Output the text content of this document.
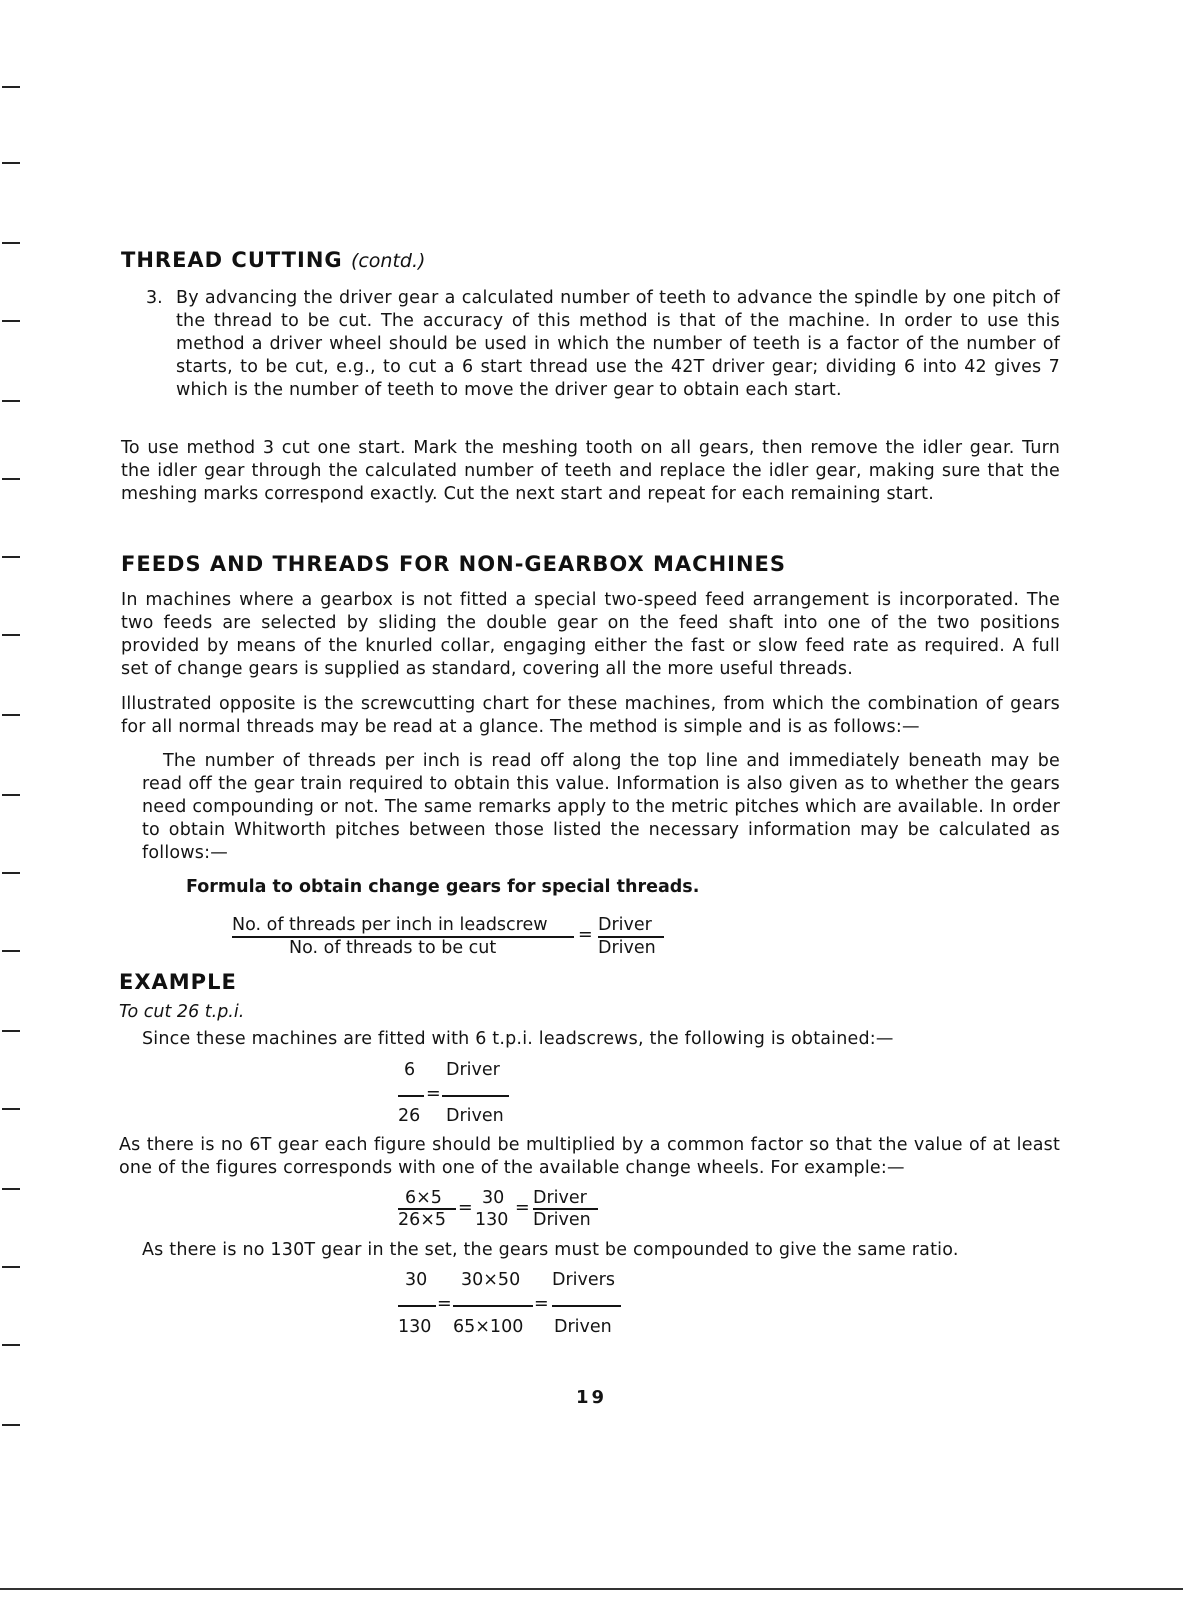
THREAD CUTTING (contd.)
3. By advancing the driver gear a calculated number of teeth to advance the spindle by one pitch of the thread to be cut. The accuracy of this method is that of the machine. In order to use this method a driver wheel should be used in which the number of teeth is a factor of the number of starts, to be cut, e.g., to cut a 6 start thread use the 42T driver gear; dividing 6 into 42 gives 7 which is the number of teeth to move the driver gear to obtain each start.

To use method 3 cut one start. Mark the meshing tooth on all gears, then remove the idler gear. Turn the idler gear through the calculated number of teeth and replace the idler gear, making sure that the meshing marks correspond exactly. Cut the next start and repeat for each remaining start.

FEEDS AND THREADS FOR NON-GEARBOX MACHINES

In machines where a gearbox is not fitted a special two-speed feed arrangement is incorporated. The two feeds are selected by sliding the double gear on the feed shaft into one of the two positions provided by means of the knurled collar, engaging either the fast or slow feed rate as required. A full set of change gears is supplied as standard, covering all the more useful threads.

Illustrated opposite is the screwcutting chart for these machines, from which the combination of gears for all normal threads may be read at a glance. The method is simple and is as follows:—

The number of threads per inch is read off along the top line and immediately beneath may be read off the gear train required to obtain this value. Information is also given as to whether the gears need compounding or not. The same remarks apply to the metric pitches which are available. In order to obtain Whitworth pitches between those listed the necessary information may be calculated as follows:—

Formula to obtain change gears for special threads.

No. of threads per inch in leadscrew
No. of threads to be cut
= Driver
Driven
EXAMPLE

To cut 26 t.p.i.

Since these machines are fitted with 6 t.p.i. leadscrews, the following is obtained:—

6 Driver
=
26 Driven

As there is no 6T gear each figure should be multiplied by a common factor so that the value of at least one of the figures corresponds with one of the available change wheels. For example:—

6×5
26×5
= 30
130
= Driver
Driven

As there is no 130T gear in the set, the gears must be compounded to give the same ratio.

30
=
130
30×50
=
65×100
Drivers
Driven
19
